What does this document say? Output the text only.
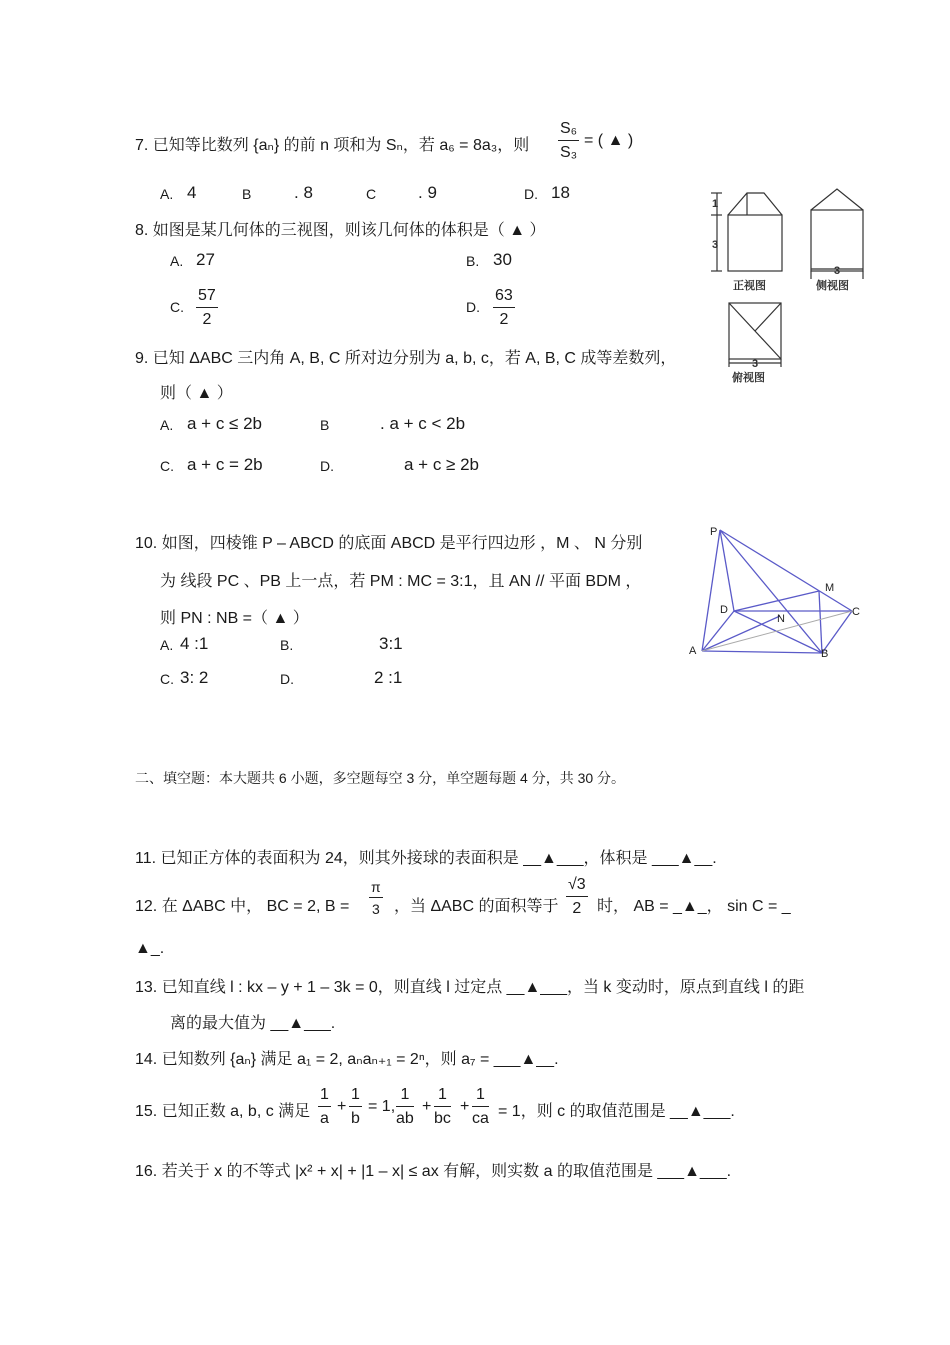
7. 已知等比数列 {aₙ} 的前 n 项和为 Sₙ，若 a₆ = 8a₃，则 $\frac{\text{S₆}}{\text{S₃}}$ = ( ▲ )
A. 4	B	. 8	C . 9	D. 18
8. 如图是某几何体的三视图，则该几何体的体积是（ ▲ ）
A. 27	B. 30
C. $\frac{57}{2}$	D. $\frac{63}{2}$
1
3
3
3
正视图	侧视图
俯视图
9. 已知 ΔABC 三内角 A, B, C 所对边分别为 a, b, c，若 A, B, C 成等差数列，
则（ ▲ ）
A. a + c ≤ 2b	B	. a + c < 2b
C. a + c = 2b	D.	a + c ≥ 2b
10. 如图，四棱锥 P – ABCD 的底面 ABCD 是平行四边形 ，M 、 N 分别
为 线段 PC 、PB 上一点，若 PM : MC = 3:1，且 AN // 平面 BDM ，
则 PN : NB =（ ▲ ）
A. 4 :1	B.	3:1
C. 3: 2	D.	2 :1
P
D
A	B
C
M
N
二、填空题：本大题共 6 小题，多空题每空 3 分，单空题每题 4 分，共 30 分。
11. 已知正方体的表面积为 24，则其外接球的表面积是 __▲___，体积是 ___▲__.
12. 在 ΔABC 中， BC = 2, $B = \frac{\pi}{3}$ ，当 ΔABC 的面积等于 $\frac{√3}{2}$ 时， AB = _▲_， sin C = _
▲_.
13. 已知直线 l : kx – y + 1 – 3k = 0，则直线 l 过定点 __▲___，当 k 变动时，原点到直线 l 的距
离的最大值为 __▲___.
14. 已知数列 {aₙ} 满足 a₁ = 2, aₙaₙ₊₁ = 2ⁿ，则 a₇ = ___▲__.
15. 已知正数 a, b, c 满足 $\frac{1}{a} + \frac{1}{b} = 1$, $\frac{1}{ab} + \frac{1}{bc} + \frac{1}{ca} = 1$，则 c 的取值范围是 __▲___.
16. 若关于 x 的不等式 |x² + x| + |1 – x| ≤ ax 有解，则实数 a 的取值范围是 ___▲___.
